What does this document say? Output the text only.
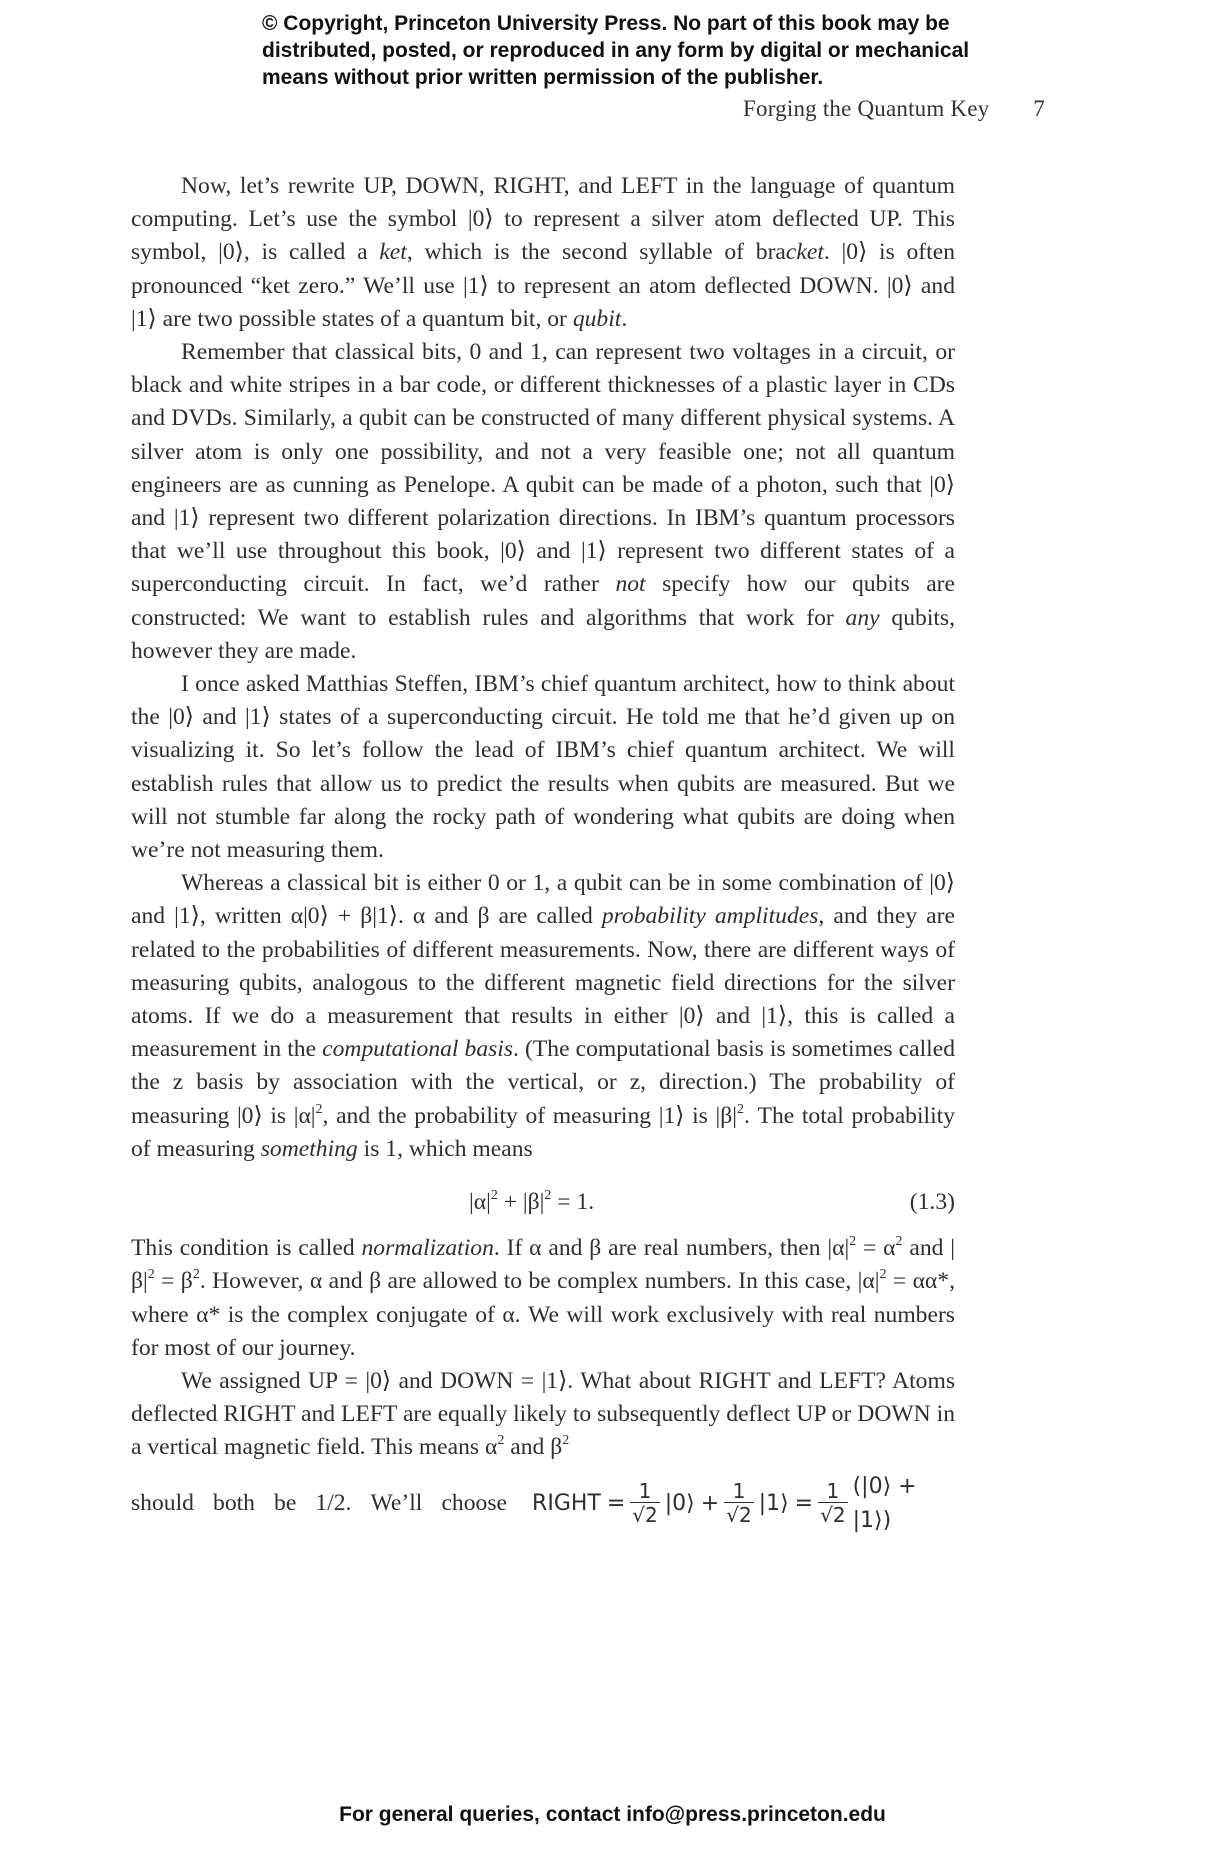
© Copyright, Princeton University Press. No part of this book may be
distributed, posted, or reproduced in any form by digital or mechanical
means without prior written permission of the publisher.
Forging the Quantum Key 7

Now, let’s rewrite UP, DOWN, RIGHT, and LEFT in the language of quantum computing. Let’s use the symbol |0⟩ to represent a silver atom deflected UP. This symbol, |0⟩, is called a ket, which is the second syllable of bracket. |0⟩ is often pronounced “ket zero.” We’ll use |1⟩ to represent an atom deflected DOWN. |0⟩ and |1⟩ are two possible states of a quantum bit, or qubit.

Remember that classical bits, 0 and 1, can represent two voltages in a circuit, or black and white stripes in a bar code, or different thicknesses of a plastic layer in CDs and DVDs. Similarly, a qubit can be constructed of many different physical systems. A silver atom is only one possibility, and not a very feasible one; not all quantum engineers are as cunning as Penelope. A qubit can be made of a photon, such that |0⟩ and |1⟩ represent two different polarization directions. In IBM’s quantum processors that we’ll use throughout this book, |0⟩ and |1⟩ represent two different states of a superconducting circuit. In fact, we’d rather not specify how our qubits are constructed: We want to establish rules and algorithms that work for any qubits, however they are made.

I once asked Matthias Steffen, IBM’s chief quantum architect, how to think about the |0⟩ and |1⟩ states of a superconducting circuit. He told me that he’d given up on visualizing it. So let’s follow the lead of IBM’s chief quantum architect. We will establish rules that allow us to predict the results when qubits are measured. But we will not stumble far along the rocky path of wondering what qubits are doing when we’re not measuring them.

Whereas a classical bit is either 0 or 1, a qubit can be in some combination of |0⟩ and |1⟩, written α|0⟩ + β|1⟩. α and β are called probability amplitudes, and they are related to the probabilities of different measurements. Now, there are different ways of measuring qubits, analogous to the different magnetic field directions for the silver atoms. If we do a measurement that results in either |0⟩ and |1⟩, this is called a measurement in the computational basis. (The computational basis is sometimes called the z basis by association with the vertical, or z, direction.) The probability of measuring |0⟩ is $|\alpha|^2$, and the probability of measuring |1⟩ is $|\beta|^2$. The total probability of measuring something is 1, which means

$|\alpha|^2 + |\beta|^2 = 1$.	(1.3)

This condition is called normalization. If α and β are real numbers, then $|\alpha|^2 = \alpha^2$ and $|\beta|^2 = \beta^2$. However, α and β are allowed to be complex numbers. In this case, $|\alpha|^2 = \alpha\alpha*$, where α* is the complex conjugate of α. We will work exclusively with real numbers for most of our journey.

We assigned UP = |0⟩ and DOWN = |1⟩. What about RIGHT and LEFT? Atoms deflected RIGHT and LEFT are equally likely to subsequently deflect UP or DOWN in a vertical magnetic field. This means $\alpha^2$ and $\beta^2$

should both be 1/2. We’ll choose RIGHT = $\frac{1}{√2}$ |0⟩ + $\frac{1}{√2}$ |1⟩ = $\frac{1}{√2}$ (|0⟩ + |1⟩)
For general queries, contact info@press.princeton.edu
